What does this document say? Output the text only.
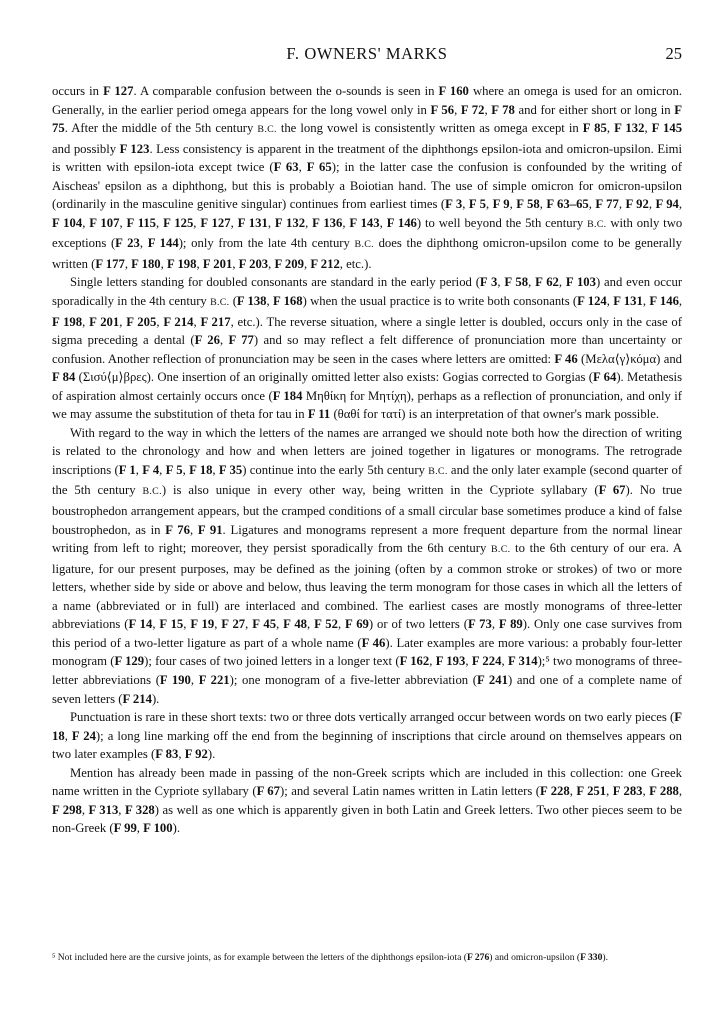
F. OWNERS' MARKS	25

occurs in F 127. A comparable confusion between the o-sounds is seen in F 160 where an omega is used for an omicron. Generally, in the earlier period omega appears for the long vowel only in F 56, F 72, F 78 and for either short or long in F 75. After the middle of the 5th century B.C. the long vowel is consistently written as omega except in F 85, F 132, F 145 and possibly F 123. Less consistency is apparent in the treatment of the diphthongs epsilon-iota and omicron-upsilon. Eimi is written with epsilon-iota except twice (F 63, F 65); in the latter case the confusion is confounded by the writing of Aischeas' epsilon as a diphthong, but this is probably a Boiotian hand. The use of simple omicron for omicron-upsilon (ordinarily in the masculine genitive singular) continues from earliest times (F 3, F 5, F 9, F 58, F 63–65, F 77, F 92, F 94, F 104, F 107, F 115, F 125, F 127, F 131, F 132, F 136, F 143, F 146) to well beyond the 5th century B.C. with only two exceptions (F 23, F 144); only from the late 4th century B.C. does the diphthong omicron-upsilon come to be generally written (F 177, F 180, F 198, F 201, F 203, F 209, F 212, etc.).

Single letters standing for doubled consonants are standard in the early period (F 3, F 58, F 62, F 103) and even occur sporadically in the 4th century B.C. (F 138, F 168) when the usual practice is to write both consonants (F 124, F 131, F 146, F 198, F 201, F 205, F 214, F 217, etc.). The reverse situation, where a single letter is doubled, occurs only in the case of sigma preceding a dental (F 26, F 77) and so may reflect a felt difference of pronunciation more than uncertainty or confusion. Another reflection of pronunciation may be seen in the cases where letters are omitted: F 46 (Μελα⟨γ⟩κόμα) and F 84 (Σισύ⟨μ⟩βρες). One insertion of an originally omitted letter also exists: Gogias corrected to Gorgias (F 64). Metathesis of aspiration almost certainly occurs once (F 184 Μηθίκη for Μητίχη), perhaps as a reflection of pronunciation, and only if we may assume the substitution of theta for tau in F 11 (θαθί for τατί) is an interpretation of that owner's mark possible.

With regard to the way in which the letters of the names are arranged we should note both how the direction of writing is related to the chronology and how and when letters are joined together in ligatures or monograms. The retrograde inscriptions (F 1, F 4, F 5, F 18, F 35) continue into the early 5th century B.C. and the only later example (second quarter of the 5th century B.C.) is also unique in every other way, being written in the Cypriote syllabary (F 67). No true boustrophedon arrangement appears, but the cramped conditions of a small circular base sometimes produce a kind of false boustrophedon, as in F 76, F 91. Ligatures and monograms represent a more frequent departure from the normal linear writing from left to right; moreover, they persist sporadically from the 6th century B.C. to the 6th century of our era. A ligature, for our present purposes, may be defined as the joining (often by a common stroke or strokes) of two or more letters, whether side by side or above and below, thus leaving the term monogram for those cases in which all the letters of a name (abbreviated or in full) are interlaced and combined. The earliest cases are mostly monograms of three-letter abbreviations (F 14, F 15, F 19, F 27, F 45, F 48, F 52, F 69) or of two letters (F 73, F 89). Only one case survives from this period of a two-letter ligature as part of a whole name (F 46). Later examples are more various: a probably four-letter monogram (F 129); four cases of two joined letters in a longer text (F 162, F 193, F 224, F 314);⁵ two monograms of three-letter abbreviations (F 190, F 221); one monogram of a five-letter abbreviation (F 241) and one of a complete name of seven letters (F 214).

Punctuation is rare in these short texts: two or three dots vertically arranged occur between words on two early pieces (F 18, F 24); a long line marking off the end from the beginning of inscriptions that circle around on themselves appears on two later examples (F 83, F 92).

Mention has already been made in passing of the non-Greek scripts which are included in this collection: one Greek name written in the Cypriote syllabary (F 67); and several Latin names written in Latin letters (F 228, F 251, F 283, F 288, F 298, F 313, F 328) as well as one which is apparently given in both Latin and Greek letters. Two other pieces seem to be non-Greek (F 99, F 100).

⁵ Not included here are the cursive joints, as for example between the letters of the diphthongs epsilon-iota (F 276) and omicron-upsilon (F 330).
